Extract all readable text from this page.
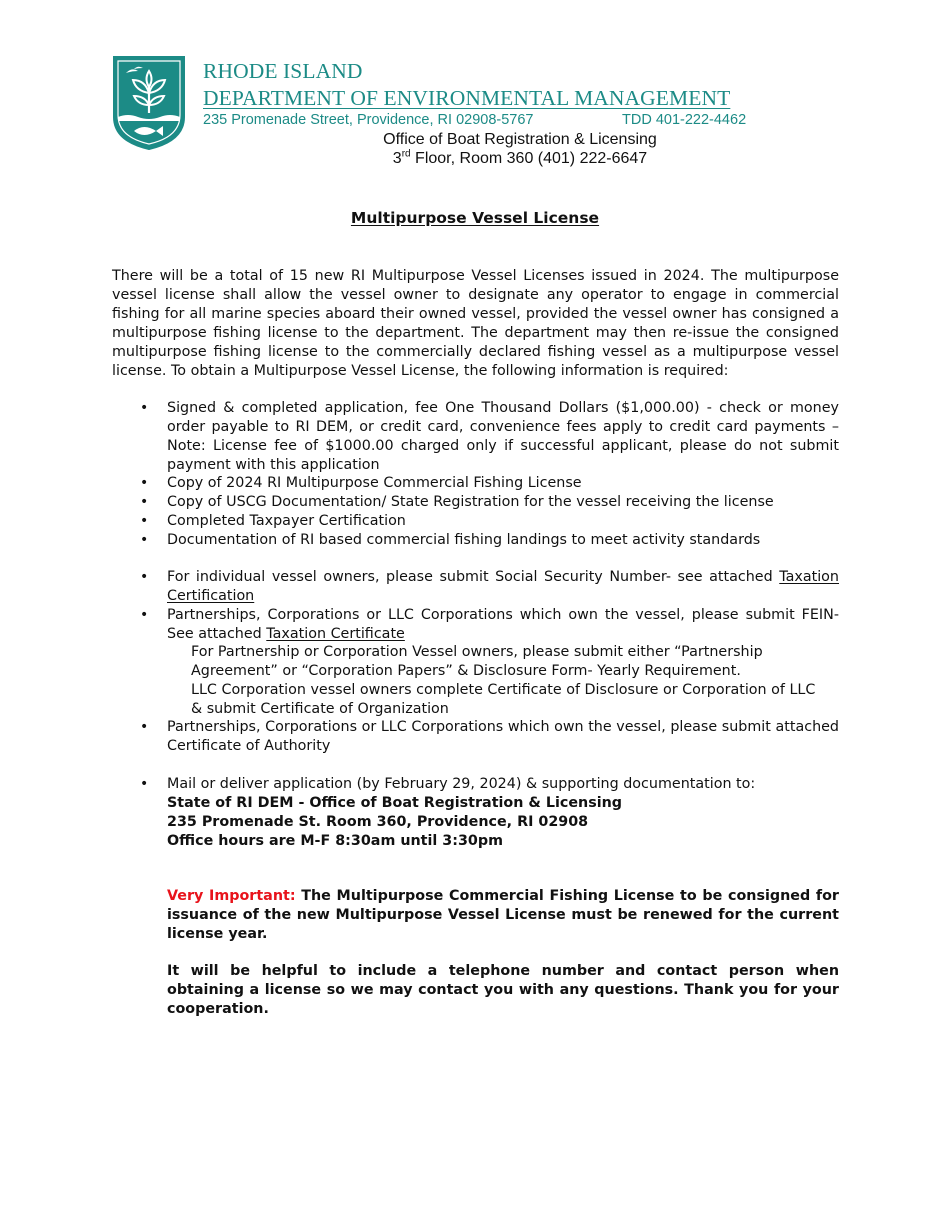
RHODE ISLAND
DEPARTMENT OF ENVIRONMENTAL MANAGEMENT
235 Promenade Street, Providence, RI 02908-5767	TDD 401-222-4462
Office of Boat Registration & Licensing
3rd Floor, Room 360 (401) 222-6647
Multipurpose Vessel License
There will be a total of 15 new RI Multipurpose Vessel Licenses issued in 2024. The multipurpose vessel license shall allow the vessel owner to designate any operator to engage in commercial fishing for all marine species aboard their owned vessel, provided the vessel owner has consigned a multipurpose fishing license to the department. The department may then re-issue the consigned multipurpose fishing license to the commercially declared fishing vessel as a multipurpose vessel license. To obtain a Multipurpose Vessel License, the following information is required:
• Signed & completed application, fee One Thousand Dollars ($1,000.00) - check or money order payable to RI DEM, or credit card, convenience fees apply to credit card payments – Note: License fee of $1000.00 charged only if successful applicant, please do not submit payment with this application
• Copy of 2024 RI Multipurpose Commercial Fishing License
• Copy of USCG Documentation/ State Registration for the vessel receiving the license
• Completed Taxpayer Certification
• Documentation of RI based commercial fishing landings to meet activity standards
• For individual vessel owners, please submit Social Security Number- see attached Taxation Certification
• Partnerships, Corporations or LLC Corporations which own the vessel, please submit FEIN- See attached Taxation Certificate
For Partnership or Corporation Vessel owners, please submit either “Partnership Agreement” or “Corporation Papers” & Disclosure Form- Yearly Requirement.
LLC Corporation vessel owners complete Certificate of Disclosure or Corporation of LLC & submit Certificate of Organization
• Partnerships, Corporations or LLC Corporations which own the vessel, please submit attached Certificate of Authority
• Mail or deliver application (by February 29, 2024) & supporting documentation to:
State of RI DEM - Office of Boat Registration & Licensing
235 Promenade St. Room 360, Providence, RI 02908
Office hours are M-F 8:30am until 3:30pm
Very Important: The Multipurpose Commercial Fishing License to be consigned for issuance of the new Multipurpose Vessel License must be renewed for the current license year.
It will be helpful to include a telephone number and contact person when obtaining a license so we may contact you with any questions. Thank you for your cooperation.
